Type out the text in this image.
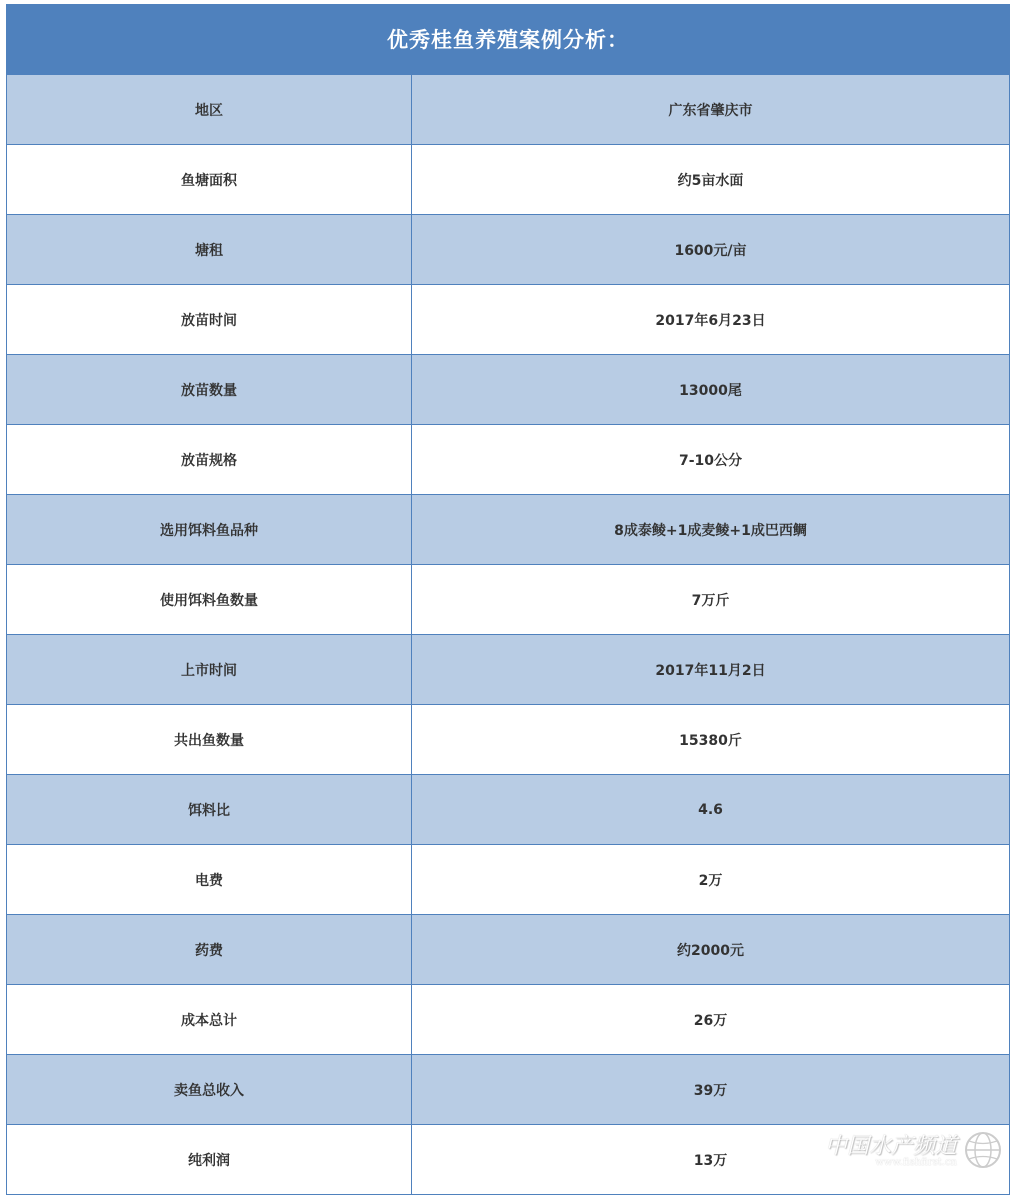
优秀桂鱼养殖案例分析：
地区	广东省肇庆市
鱼塘面积	约5亩水面
塘租	1600元/亩
放苗时间	2017年6月23日
放苗数量	13000尾
放苗规格	7-10公分
选用饵料鱼品种	8成泰鲮+1成麦鲮+1成巴西鲷
使用饵料鱼数量	7万斤
上市时间	2017年11月2日
共出鱼数量	15380斤
饵料比	4.6
电费	2万
药费	约2000元
成本总计	26万
卖鱼总收入	39万
纯利润	13万
中国水产频道
www.fishfirst.cn
